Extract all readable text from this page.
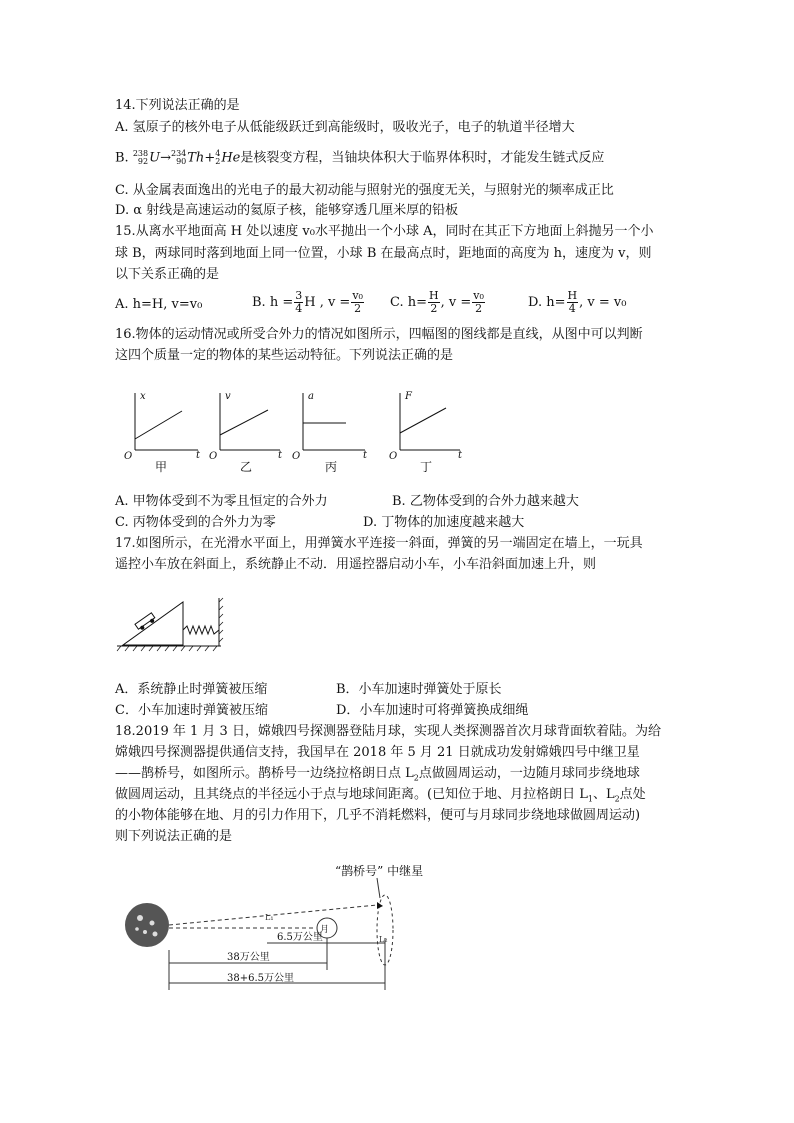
14.下列说法正确的是
A. 氢原子的核外电子从低能级跃迁到高能级时，吸收光子，电子的轨道半径增大
B. 238
92 U→ 234
90 Th+ 4
2 He是核裂变方程，当铀块体积大于临界体积时，才能发生链式反应
C. 从金属表面逸出的光电子的最大初动能与照射光的强度无关，与照射光的频率成正比
D. α 射线是高速运动的氦原子核，能够穿透几厘米厚的铅板
15.从离水平地面高 H 处以速度 v₀水平抛出一个小球 A，同时在其正下方地面上斜抛另一个小
球 B，两球同时落到地面上同一位置，小球 B 在最高点时，距地面的高度为 h，速度为 v，则
以下关系正确的是
A. h=H, v=v₀	B. $h = \frac{3}{4}$ H , $v = \frac{\text{v₀}}{2} C$. $h= \frac{H}{2}$ , $v = \frac{\text{v₀}}{2}$	D. $h= \frac{H}{4}$ , v = v₀
16.物体的运动情况或所受合外力的情况如图所示，四幅图的图线都是直线，从图中可以判断
这四个质量一定的物体的某些运动特征。下列说法正确的是
x
t
O
v
t
O
a
t
O
F
t
O
甲	乙	丙	丁
A. 甲物体受到不为零且恒定的合外力	B. 乙物体受到的合外力越来越大
C. 丙物体受到的合外力为零	D. 丁物体的加速度越来越大
17.如图所示，在光滑水平面上，用弹簧水平连接一斜面，弹簧的另一端固定在墙上，一玩具
遥控小车放在斜面上，系统静止不动．用遥控器启动小车，小车沿斜面加速上升，则
A．系统静止时弹簧被压缩	B．小车加速时弹簧处于原长
C．小车加速时弹簧被压缩	D．小车加速时可将弹簧换成细绳
18.2019 年 1 月 3 日，嫦娥四号探测器登陆月球，实现人类探测器首次月球背面软着陆。为给
嫦娥四号探测器提供通信支持，我国早在 2018 年 5 月 21 日就成功发射嫦娥四号中继卫星
——鹊桥号，如图所示。鹊桥号一边绕拉格朗日点 $L_2$点做圆周运动，一边随月球同步绕地球
做圆周运动，且其绕点的半径远小于点与地球间距离。(已知位于地、月拉格朗日 $L_1$、$L_2$点处
的小物体能够在地、月的引力作用下，几乎不消耗燃料，便可与月球同步绕地球做圆周运动)
则下列说法正确的是
“鹊桥号” 中继星
月
L₁
L₂
6.5万公里
38万公里
38+6.5万公里
